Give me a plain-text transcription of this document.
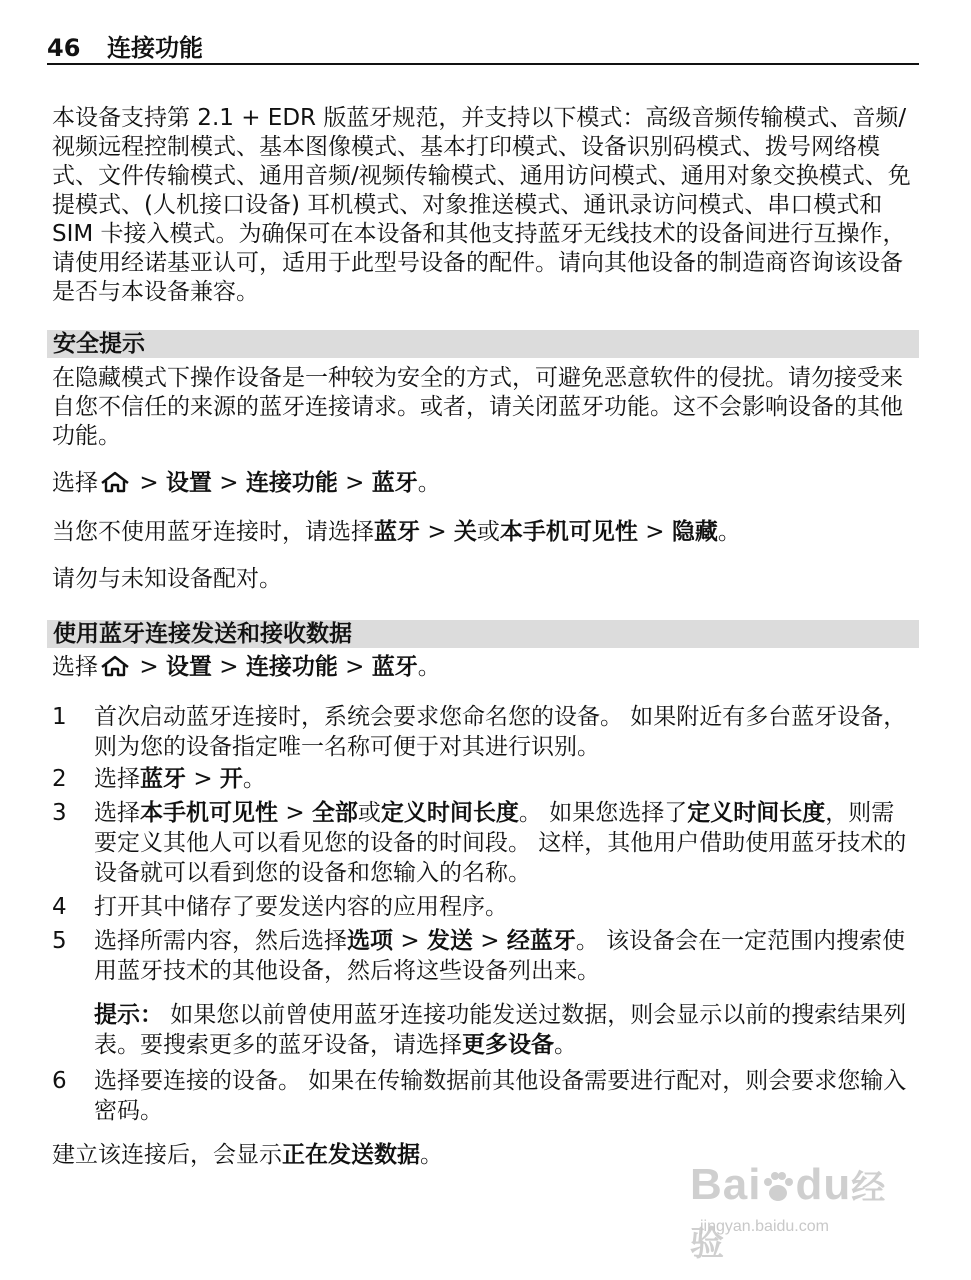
46 连接功能
本设备支持第 2.1 + EDR 版蓝牙规范，并支持以下模式：高级音频传输模式、音频/视频远程控制模式、基本图像模式、基本打印模式、设备识别码模式、拨号网络模式、文件传输模式、通用音频/视频传输模式、通用访问模式、通用对象交换模式、免提模式、(人机接口设备) 耳机模式、对象推送模式、通讯录访问模式、串口模式和 SIM 卡接入模式。为确保可在本设备和其他支持蓝牙无线技术的设备间进行互操作，请使用经诺基亚认可，适用于此型号设备的配件。请向其他设备的制造商咨询该设备是否与本设备兼容。
安全提示
在隐藏模式下操作设备是一种较为安全的方式，可避免恶意软件的侵扰。请勿接受来自您不信任的来源的蓝牙连接请求。或者，请关闭蓝牙功能。这不会影响设备的其他功能。
选择 > 设置 > 连接功能 > 蓝牙。
当您不使用蓝牙连接时，请选择蓝牙 > 关或本手机可见性 > 隐藏。
请勿与未知设备配对。
使用蓝牙连接发送和接收数据
选择 > 设置 > 连接功能 > 蓝牙。
1	首次启动蓝牙连接时，系统会要求您命名您的设备。 如果附近有多台蓝牙设备，则为您的设备指定唯一名称可便于对其进行识别。
2	选择蓝牙 > 开。
3	选择本手机可见性 > 全部或定义时间长度。 如果您选择了定义时间长度，则需要定义其他人可以看见您的设备的时间段。 这样，其他用户借助使用蓝牙技术的设备就可以看到您的设备和您输入的名称。
4	打开其中储存了要发送内容的应用程序。
5	选择所需内容，然后选择选项 > 发送 > 经蓝牙。 该设备会在一定范围内搜索使用蓝牙技术的其他设备，然后将这些设备列出来。
提示： 如果您以前曾使用蓝牙连接功能发送过数据，则会显示以前的搜索结果列表。要搜索更多的蓝牙设备，请选择更多设备。
6	选择要连接的设备。 如果在传输数据前其他设备需要进行配对，则会要求您输入密码。
建立该连接后，会显示正在发送数据。
Bai du经验
jingyan.baidu.com
